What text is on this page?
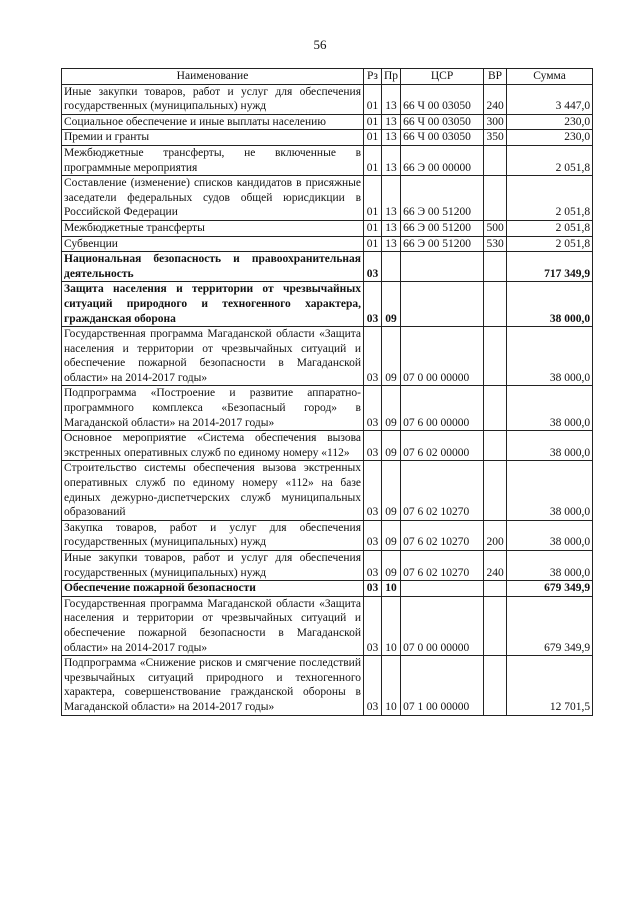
56
Наименование	Рз	Пр	ЦСР	ВР	Сумма
Иные закупки товаров, работ и услуг для обеспечения государственных (муниципальных) нужд	01	13	66 Ч 00 03050	240	3 447,0
Социальное обеспечение и иные выплаты населению	01	13	66 Ч 00 03050	300	230,0
Премии и гранты	01	13	66 Ч 00 03050	350	230,0
Межбюджетные трансферты, не включенные в программные мероприятия	01	13	66 Э 00 00000		2 051,8
Составление (изменение) списков кандидатов в присяжные заседатели федеральных судов общей юрисдикции в Российской Федерации	01	13	66 Э 00 51200		2 051,8
Межбюджетные трансферты	01	13	66 Э 00 51200	500	2 051,8
Субвенции	01	13	66 Э 00 51200	530	2 051,8
Национальная безопасность и правоохранительная деятельность	03				717 349,9
Защита населения и территории от чрезвычайных ситуаций природного и техногенного характера, гражданская оборона	03	09			38 000,0
Государственная программа Магаданской области «Защита населения и территории от чрезвычайных ситуаций и обеспечение пожарной безопасности в Магаданской области» на 2014-2017 годы»	03	09	07 0 00 00000		38 000,0
Подпрограмма «Построение и развитие аппаратно-программного комплекса «Безопасный город» в Магаданской области» на 2014-2017 годы»	03	09	07 6 00 00000		38 000,0
Основное мероприятие «Система обеспечения вызова экстренных оперативных служб по единому номеру «112»	03	09	07 6 02 00000		38 000,0
Строительство системы обеспечения вызова экстренных оперативных служб по единому номеру «112» на базе единых дежурно-диспетчерских служб муниципальных образований	03	09	07 6 02 10270		38 000,0
Закупка товаров, работ и услуг для обеспечения государственных (муниципальных) нужд	03	09	07 6 02 10270	200	38 000,0
Иные закупки товаров, работ и услуг для обеспечения государственных (муниципальных) нужд	03	09	07 6 02 10270	240	38 000,0
Обеспечение пожарной безопасности	03	10			679 349,9
Государственная программа Магаданской области «Защита населения и территории от чрезвычайных ситуаций и обеспечение пожарной безопасности в Магаданской области» на 2014-2017 годы»	03	10	07 0 00 00000		679 349,9
Подпрограмма «Снижение рисков и смягчение последствий чрезвычайных ситуаций природного и техногенного характера, совершенствование гражданской обороны в Магаданской области» на 2014-2017 годы»	03	10	07 1 00 00000		12 701,5
